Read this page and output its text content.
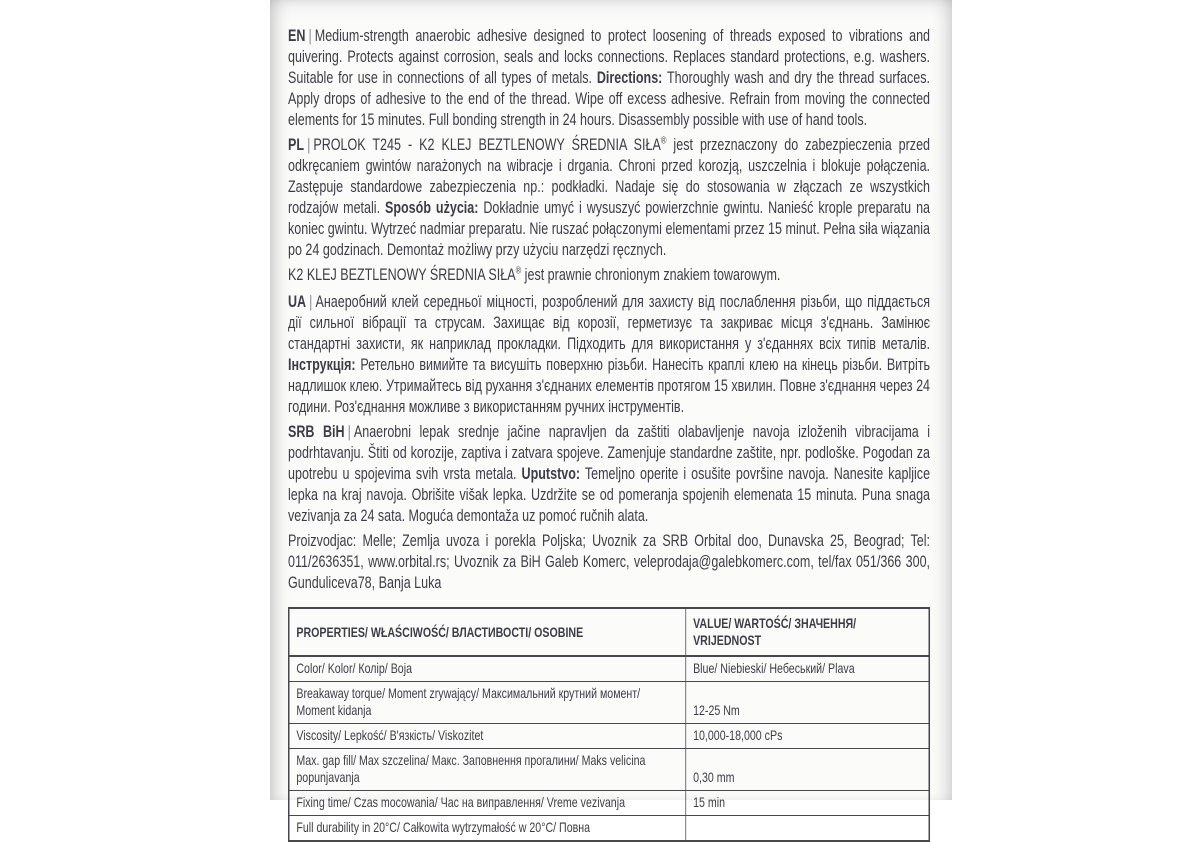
EN | Medium-strength anaerobic adhesive designed to protect loosening of threads exposed to vibrations and quivering. Protects against corrosion, seals and locks connections. Replaces standard protections, e.g. washers. Suitable for use in connections of all types of metals. Directions: Thoroughly wash and dry the thread surfaces. Apply drops of adhesive to the end of the thread. Wipe off excess adhesive. Refrain from moving the connected elements for 15 minutes. Full bonding strength in 24 hours. Disassembly possible with use of hand tools.

PL | PROLOK T245 - K2 KLEJ BEZTLENOWY ŚREDNIA SIŁA® jest przeznaczony do zabezpieczenia przed odkręcaniem gwintów narażonych na wibracje i drgania. Chroni przed korozją, uszczelnia i blokuje połączenia. Zastępuje standardowe zabezpieczenia np.: podkładki. Nadaje się do stosowania w złączach ze wszystkich rodzajów metali. Sposób użycia: Dokładnie umyć i wysuszyć powierzchnie gwintu. Nanieść krople preparatu na koniec gwintu. Wytrzeć nadmiar preparatu. Nie ruszać połączonymi elementami przez 15 minut. Pełna siła wiązania po 24 godzinach. Demontaż możliwy przy użyciu narzędzi ręcznych.

K2 KLEJ BEZTLENOWY ŚREDNIA SIŁA® jest prawnie chronionym znakiem towarowym.

UA | Анаеробний клей середньої міцності, розроблений для захисту від послаблення різьби, що піддається дії сильної вібрації та струсам. Захищає від корозії, герметизує та закриває місця з'єднань. Замінює стандартні захисти, як наприклад прокладки. Підходить для використання у з'єданнях всіх типів металів. Інструкція: Ретельно вимийте та висушіть поверхню різьби. Нанесіть краплі клею на кінець різьби. Витріть надлишок клею. Утримайтесь від рухання з'єднаних елементів протягом 15 хвилин. Повне з'єднання через 24 години. Роз'єднання можливе з використанням ручних інструментів.

SRB BiH | Anaerobni lepak srednje jačine napravljen da zaštiti olabavljenje navoja izloženih vibracijama i podrhtavanju. Štiti od korozije, zaptiva i zatvara spojeve. Zamenjuje standardne zaštite, npr. podloške. Pogodan za upotrebu u spojevima svih vrsta metala. Uputstvo: Temeljno operite i osušite površine navoja. Nanesite kapljice lepka na kraj navoja. Obrišite višak lepka. Uzdržite se od pomeranja spojenih elemenata 15 minuta. Puna snaga vezivanja za 24 sata. Moguća demontaža uz pomoć ručnih alata.

Proizvodjac: Melle; Zemlja uvoza i porekla Poljska; Uvoznik za SRB Orbital doo, Dunavska 25, Beograd; Tel: 011/2636351, www.orbital.rs; Uvoznik za BiH Galeb Komerc, veleprodaja@galebkomerc.com, tel/fax 051/366 300, Gunduliceva78, Banja Luka

PROPERTIES/ WŁAŚCIWOŚĆ/ ВЛАСТИВОСТІ/ OSOBINE	VALUE/ WARTOŚĆ/ ЗНАЧЕННЯ/ VRIJEDNOST
Color/ Kolor/ Колір/ Boja	Blue/ Niebieski/ Небеський/ Plava
Breakaway torque/ Moment zrywający/ Максимальний крутний момент/ Moment kidanja	12-25 Nm
Viscosity/ Lepkość/ В'язкість/ Viskozitet	10,000-18,000 cPs
Max. gap fill/ Max szczelina/ Макс. Заповнення прогалини/ Maks velicina popunjavanja	0,30 mm
Fixing time/ Czas mocowania/ Час на виправлення/ Vreme vezivanja	15 min
Full durability in 20°C/ Całkowita wytrzymałość w 20°C/ Повна	
